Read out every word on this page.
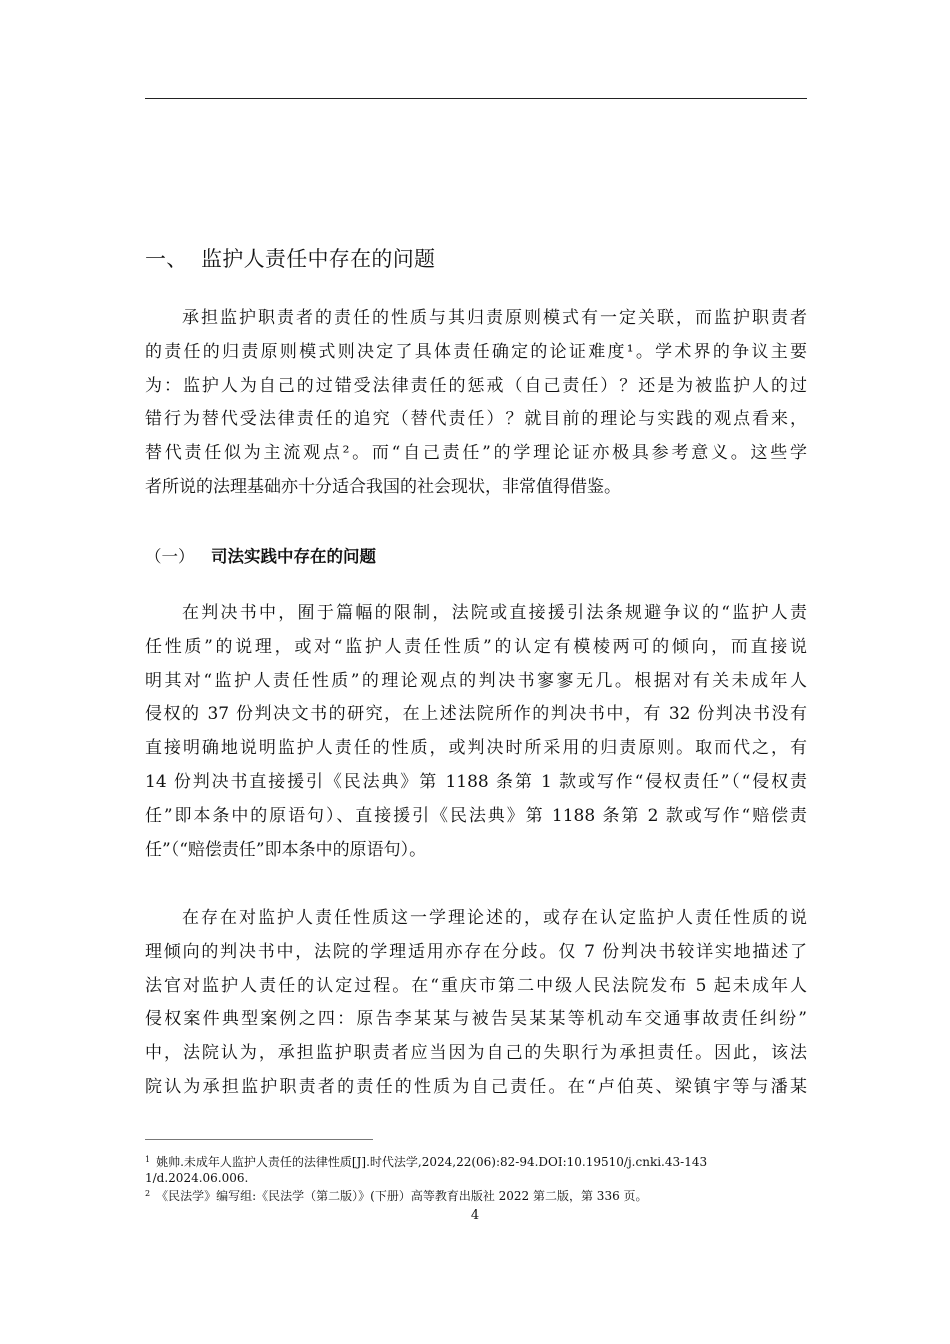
一、 监护人责任中存在的问题
承担监护职责者的责任的性质与其归责原则模式有一定关联，而监护职责者
的责任的归责原则模式则决定了具体责任确定的论证难度¹。学术界的争议主要
为：监护人为自己的过错受法律责任的惩戒（自己责任）？还是为被监护人的过
错行为替代受法律责任的追究（替代责任）？就目前的理论与实践的观点看来，
替代责任似为主流观点²。而“自己责任”的学理论证亦极具参考意义。这些学
者所说的法理基础亦十分适合我国的社会现状，非常值得借鉴。
（一） 司法实践中存在的问题
在判决书中，囿于篇幅的限制，法院或直接援引法条规避争议的“监护人责
任性质”的说理，或对“监护人责任性质”的认定有模棱两可的倾向，而直接说
明其对“监护人责任性质”的理论观点的判决书寥寥无几。根据对有关未成年人
侵权的 37 份判决文书的研究，在上述法院所作的判决书中，有 32 份判决书没有
直接明确地说明监护人责任的性质，或判决时所采用的归责原则。取而代之，有
14 份判决书直接援引《民法典》第 1188 条第 1 款或写作“侵权责任”（“侵权责
任”即本条中的原语句）、直接援引《民法典》第 1188 条第 2 款或写作“赔偿责
任”（“赔偿责任”即本条中的原语句）。
在存在对监护人责任性质这一学理论述的，或存在认定监护人责任性质的说
理倾向的判决书中，法院的学理适用亦存在分歧。仅 7 份判决书较详实地描述了
法官对监护人责任的认定过程。在“重庆市第二中级人民法院发布 5 起未成年人
侵权案件典型案例之四：原告李某某与被告吴某某等机动车交通事故责任纠纷”
中，法院认为，承担监护职责者应当因为自己的失职行为承担责任。因此，该法
院认为承担监护职责者的责任的性质为自己责任。在“卢伯英、梁镇宇等与潘某
$^1$ 姚帅.未成年人监护人责任的法律性质[J].时代法学,2024,22(06):82-94.DOI:10.19510/j.cnki.43-143
1/d.2024.06.006.
$^2$ 《民法学》编写组:《民法学（第二版）》(下册）高等教育出版社 2022 第二版，第 336 页。
4
